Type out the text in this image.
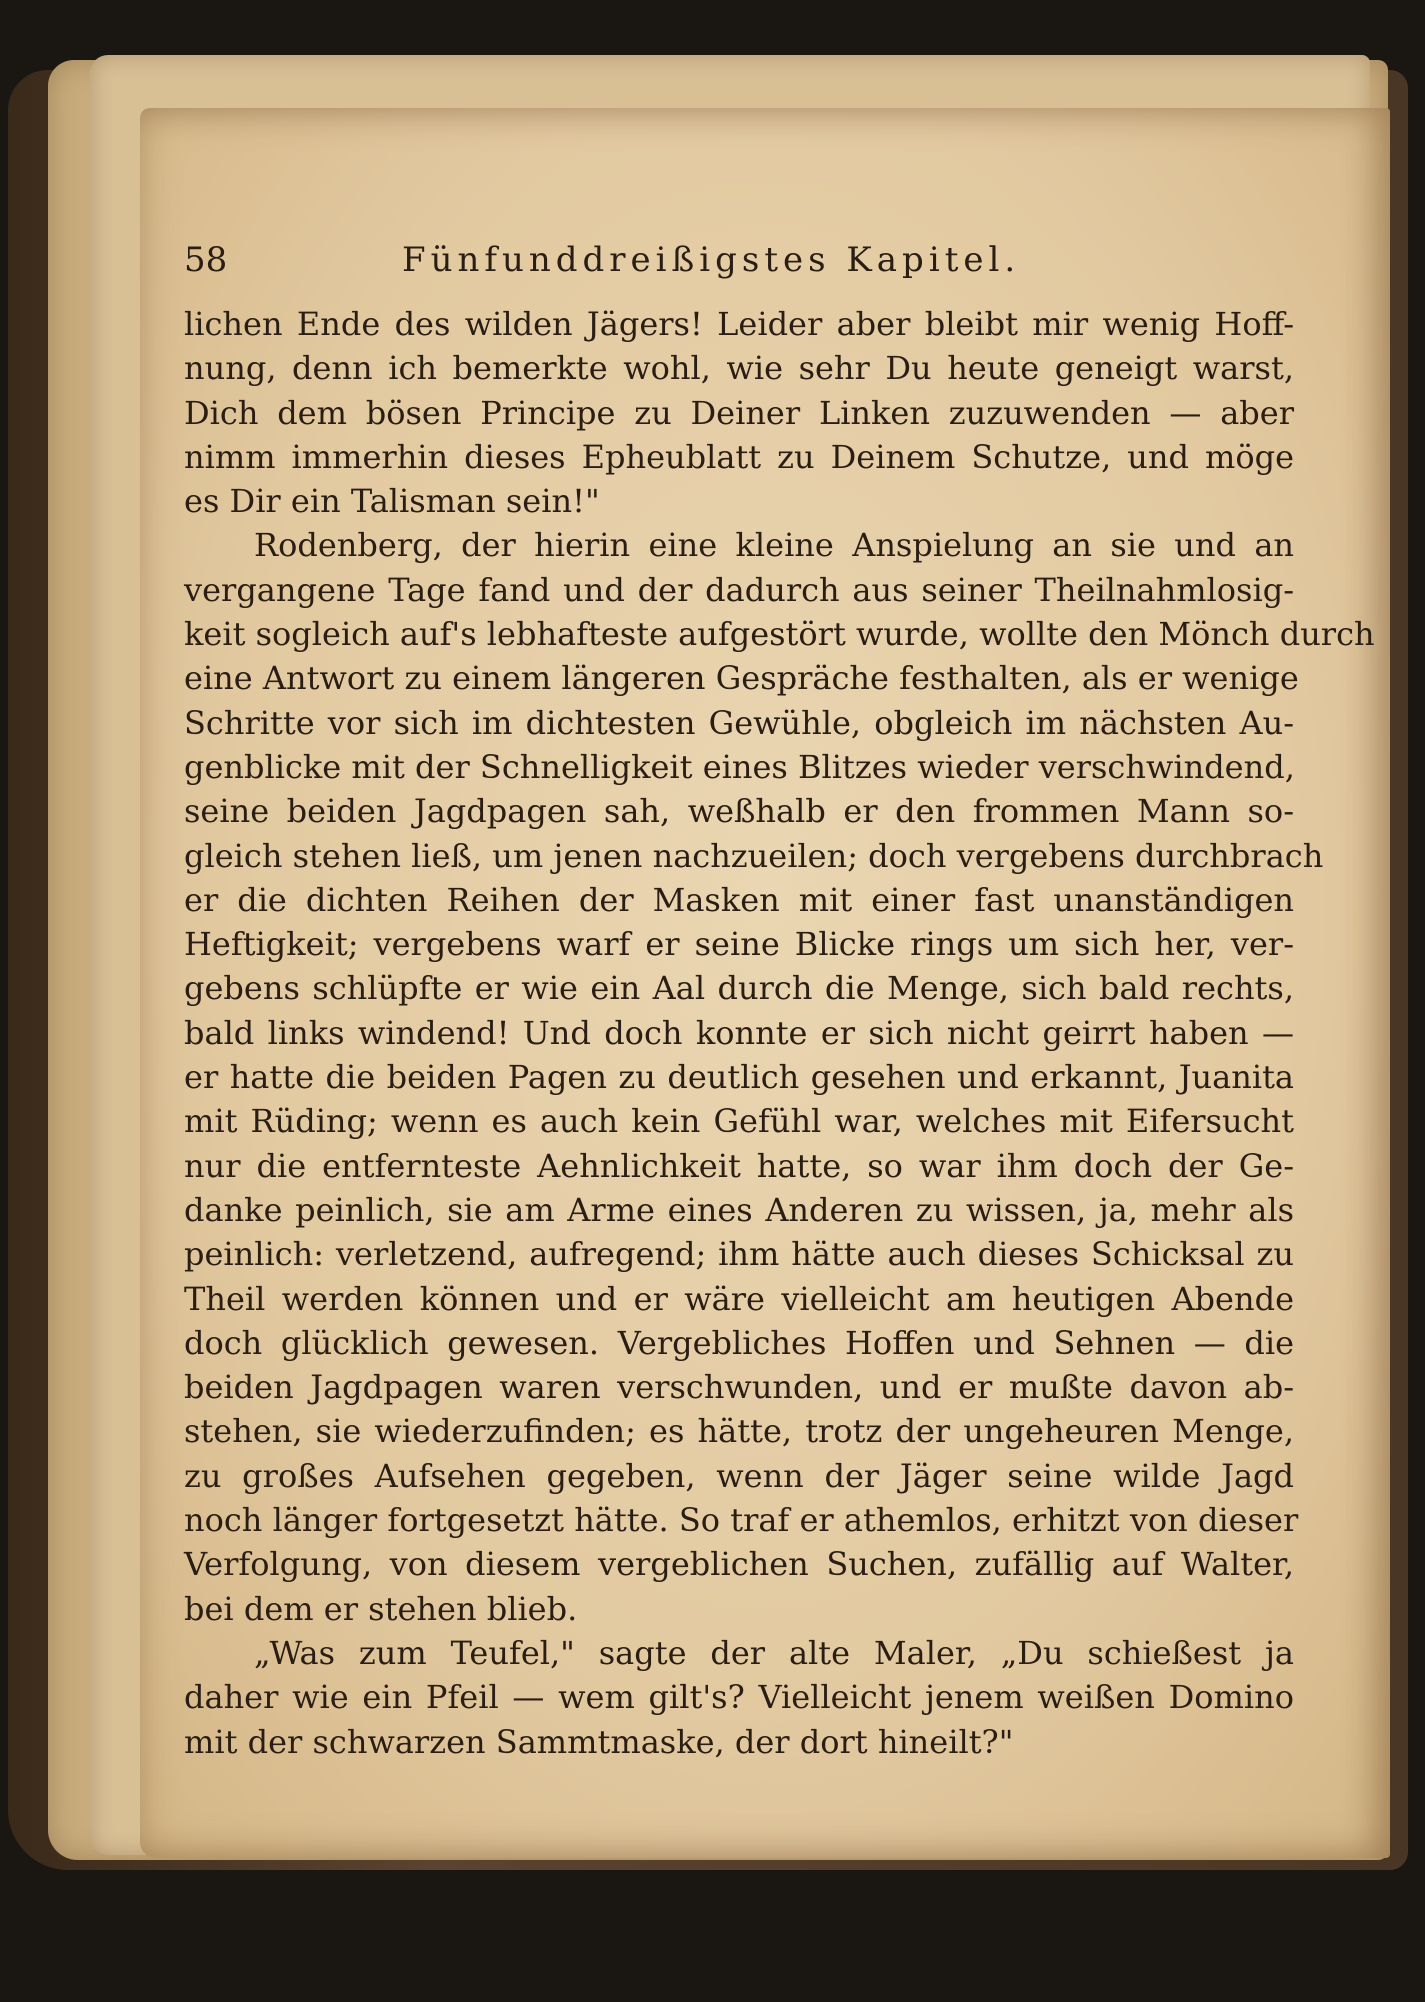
58	Fünfunddreißigstes Kapitel.

lichen Ende des wilden Jägers! Leider aber bleibt mir wenig Hoff-

nung, denn ich bemerkte wohl, wie sehr Du heute geneigt warst,

Dich dem bösen Principe zu Deiner Linken zuzuwenden — aber

nimm immerhin dieses Epheublatt zu Deinem Schutze, und möge

es Dir ein Talisman sein!"

Rodenberg, der hierin eine kleine Anspielung an sie und an

vergangene Tage fand und der dadurch aus seiner Theilnahmlosig-

keit sogleich auf's lebhafteste aufgestört wurde, wollte den Mönch durch

eine Antwort zu einem längeren Gespräche festhalten, als er wenige

Schritte vor sich im dichtesten Gewühle, obgleich im nächsten Au-

genblicke mit der Schnelligkeit eines Blitzes wieder verschwindend,

seine beiden Jagdpagen sah, weßhalb er den frommen Mann so-

gleich stehen ließ, um jenen nachzueilen; doch vergebens durchbrach

er die dichten Reihen der Masken mit einer fast unanständigen

Heftigkeit; vergebens warf er seine Blicke rings um sich her, ver-

gebens schlüpfte er wie ein Aal durch die Menge, sich bald rechts,

bald links windend! Und doch konnte er sich nicht geirrt haben —

er hatte die beiden Pagen zu deutlich gesehen und erkannt, Juanita

mit Rüding; wenn es auch kein Gefühl war, welches mit Eifersucht

nur die entfernteste Aehnlichkeit hatte, so war ihm doch der Ge-

danke peinlich, sie am Arme eines Anderen zu wissen, ja, mehr als

peinlich: verletzend, aufregend; ihm hätte auch dieses Schicksal zu

Theil werden können und er wäre vielleicht am heutigen Abende

doch glücklich gewesen. Vergebliches Hoffen und Sehnen — die

beiden Jagdpagen waren verschwunden, und er mußte davon ab-

stehen, sie wiederzufinden; es hätte, trotz der ungeheuren Menge,

zu großes Aufsehen gegeben, wenn der Jäger seine wilde Jagd

noch länger fortgesetzt hätte. So traf er athemlos, erhitzt von dieser

Verfolgung, von diesem vergeblichen Suchen, zufällig auf Walter,

bei dem er stehen blieb.

„Was zum Teufel," sagte der alte Maler, „Du schießest ja

daher wie ein Pfeil — wem gilt's? Vielleicht jenem weißen Domino

mit der schwarzen Sammtmaske, der dort hineilt?"
